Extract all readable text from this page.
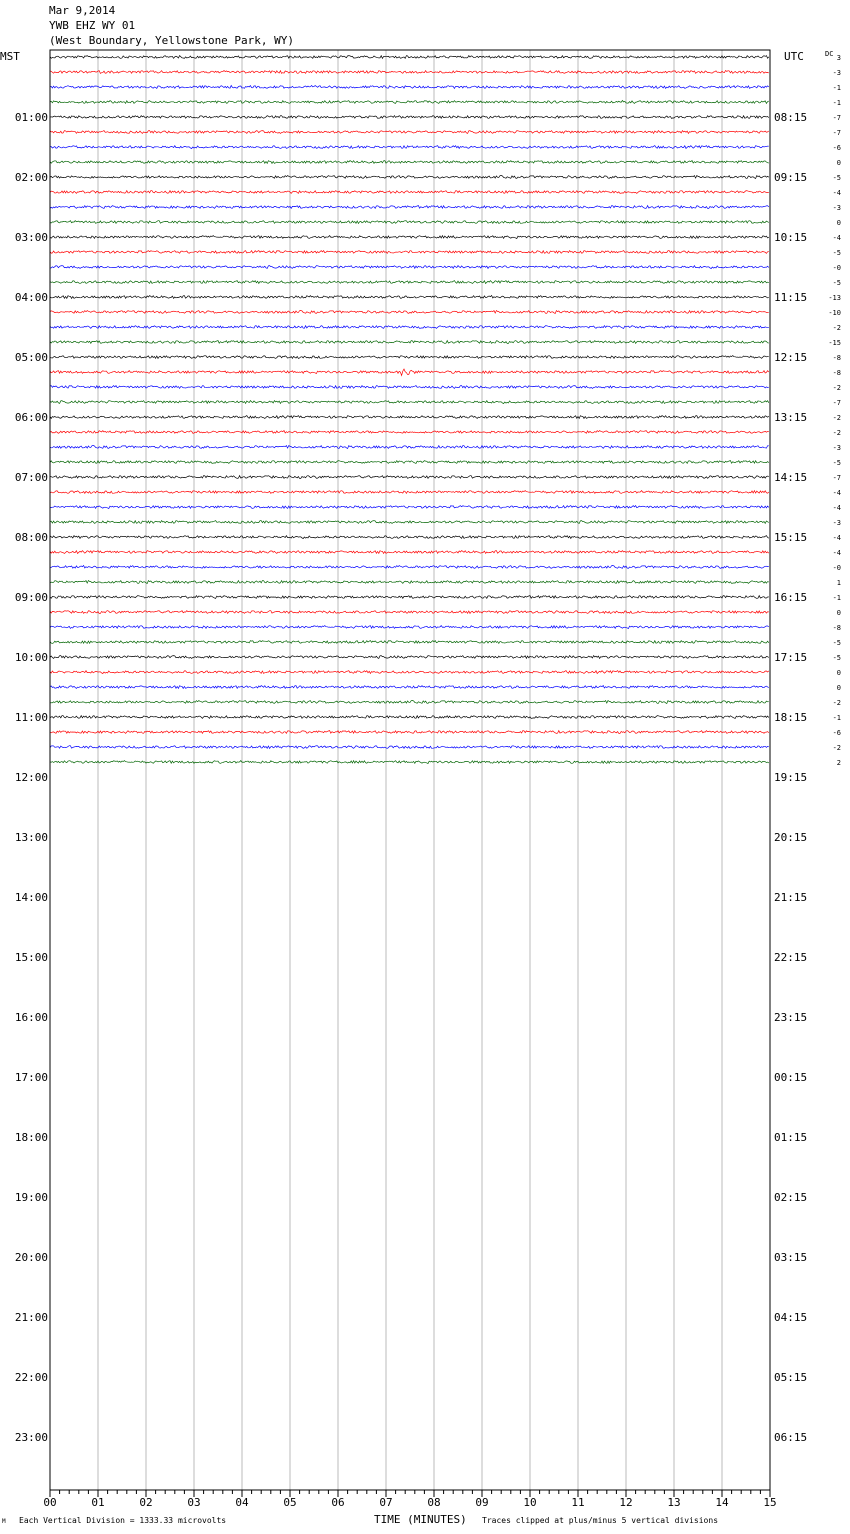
3
-3
-1
-1
-7
-7
-6
0
-5
-4
-3
0
-4
-5
-0
-5
-13
-10
-2
-15
-8
-8
-2
-7
-2
-2
-3
-5
-7
-4
-4
-3
-4
-4
-0
1
-1
0
-8
-5
-5
0
0
-2
-1
-6
-2
2
01:00	08:15
02:00	09:15
03:00	10:15
04:00	11:15
05:00	12:15
06:00	13:15
07:00	14:15
08:00	15:15
09:00	16:15
10:00	17:15
11:00	18:15
12:00	19:15
13:00	20:15
14:00	21:15
15:00	22:15
16:00	23:15
17:00	00:15
18:00	01:15
19:00	02:15
20:00	03:15
21:00	04:15
22:00	05:15
23:00	06:15
00	01	02	03	04	05	06	07	08	09	10	11	12	13	14	15
Mar 9,2014
YWB EHZ WY 01
(West Boundary, Yellowstone Park, WY)
MST	UTC	DC
M Each Vertical Division = 1333.33 microvolts	TIME (MINUTES) Traces clipped at plus/minus 5 vertical divisions
